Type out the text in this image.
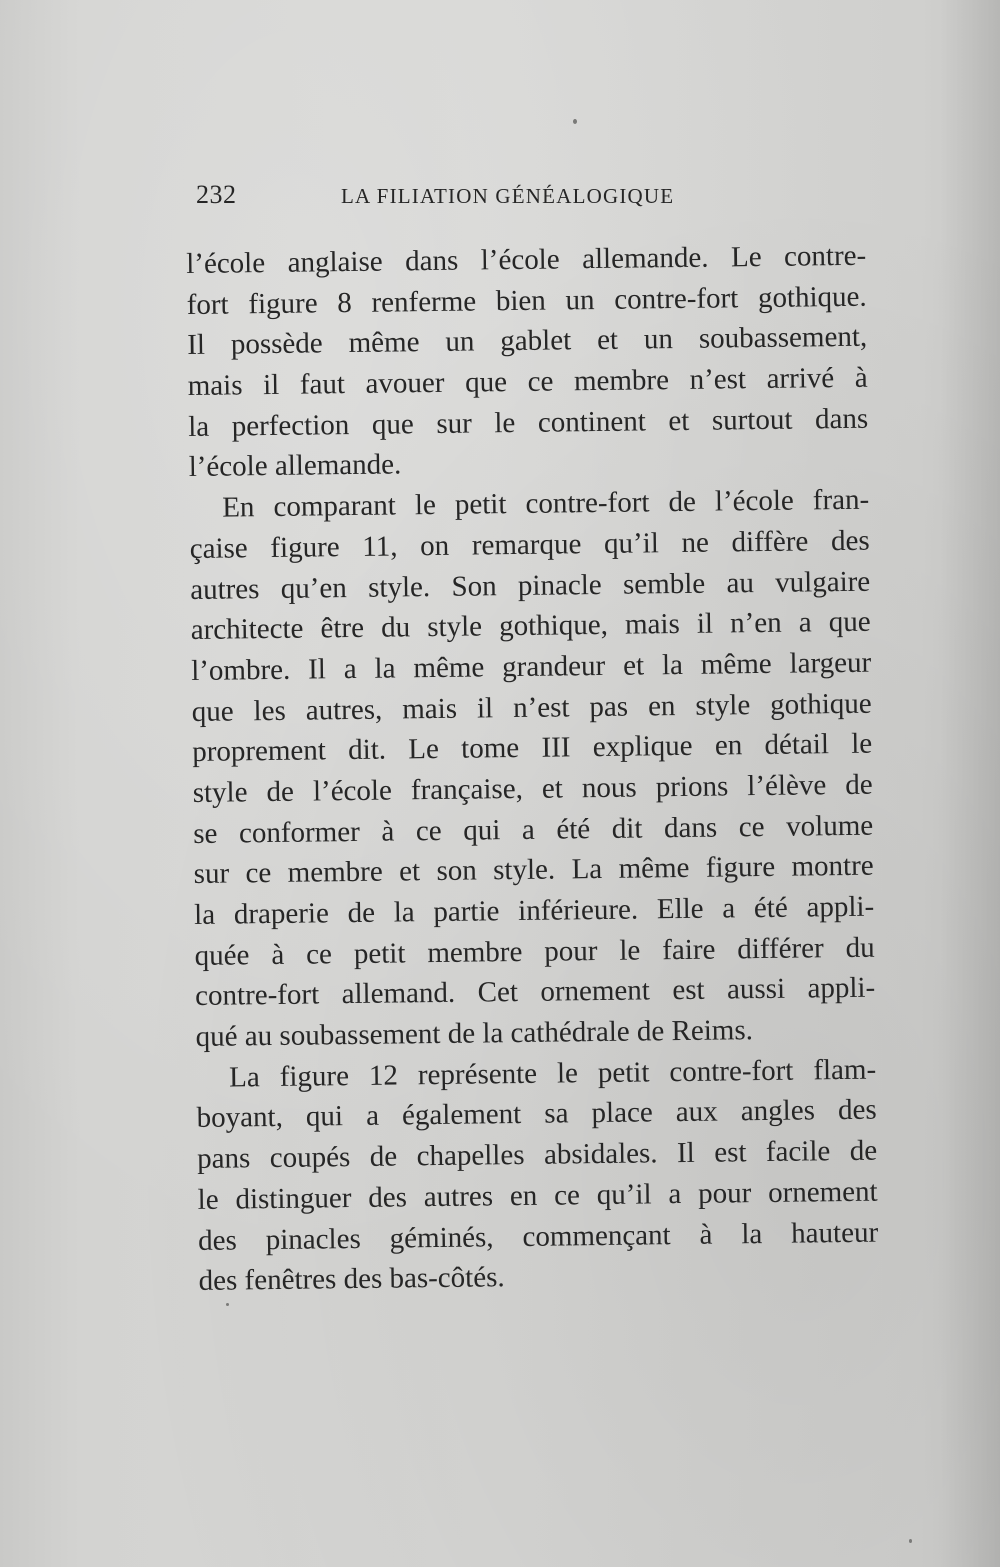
232	LA FILIATION GÉNÉALOGIQUE

l’école anglaise dans l’école allemande. Le contre-
fort figure 8 renferme bien un contre-fort gothique.
Il possède même un gablet et un soubassement,
mais il faut avouer que ce membre n’est arrivé à
la perfection que sur le continent et surtout dans
l’école allemande.

En comparant le petit contre-fort de l’école fran-
çaise figure 11, on remarque qu’il ne diffère des
autres qu’en style. Son pinacle semble au vulgaire
architecte être du style gothique, mais il n’en a que
l’ombre. Il a la même grandeur et la même largeur
que les autres, mais il n’est pas en style gothique
proprement dit. Le tome III explique en détail le
style de l’école française, et nous prions l’élève de
se conformer à ce qui a été dit dans ce volume
sur ce membre et son style. La même figure montre
la draperie de la partie inférieure. Elle a été appli-
quée à ce petit membre pour le faire différer du
contre-fort allemand. Cet ornement est aussi appli-
qué au soubassement de la cathédrale de Reims.

La figure 12 représente le petit contre-fort flam-
boyant, qui a également sa place aux angles des
pans coupés de chapelles absidales. Il est facile de
le distinguer des autres en ce qu’il a pour ornement
des pinacles géminés, commençant à la hauteur
des fenêtres des bas-côtés.
